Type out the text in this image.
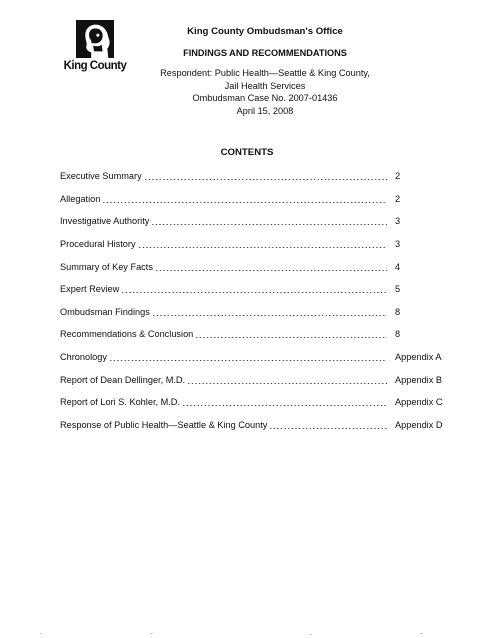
King County
King County Ombudsman's Office
FINDINGS AND RECOMMENDATIONS
Respondent: Public Health—Seattle & King County,
Jail Health Services
Ombudsman Case No. 2007-01436
April 15, 2008
CONTENTS
Executive Summary	2
Allegation	2
Investigative Authority	3
Procedural History	3
Summary of Key Facts	4
Expert Review	5
Ombudsman Findings	8
Recommendations & Conclusion	8
Chronology	Appendix A
Report of Dean Dellinger, M.D.	Appendix B
Report of Lori S. Kohler, M.D.	Appendix C
Response of Public Health—Seattle & King County	Appendix D
